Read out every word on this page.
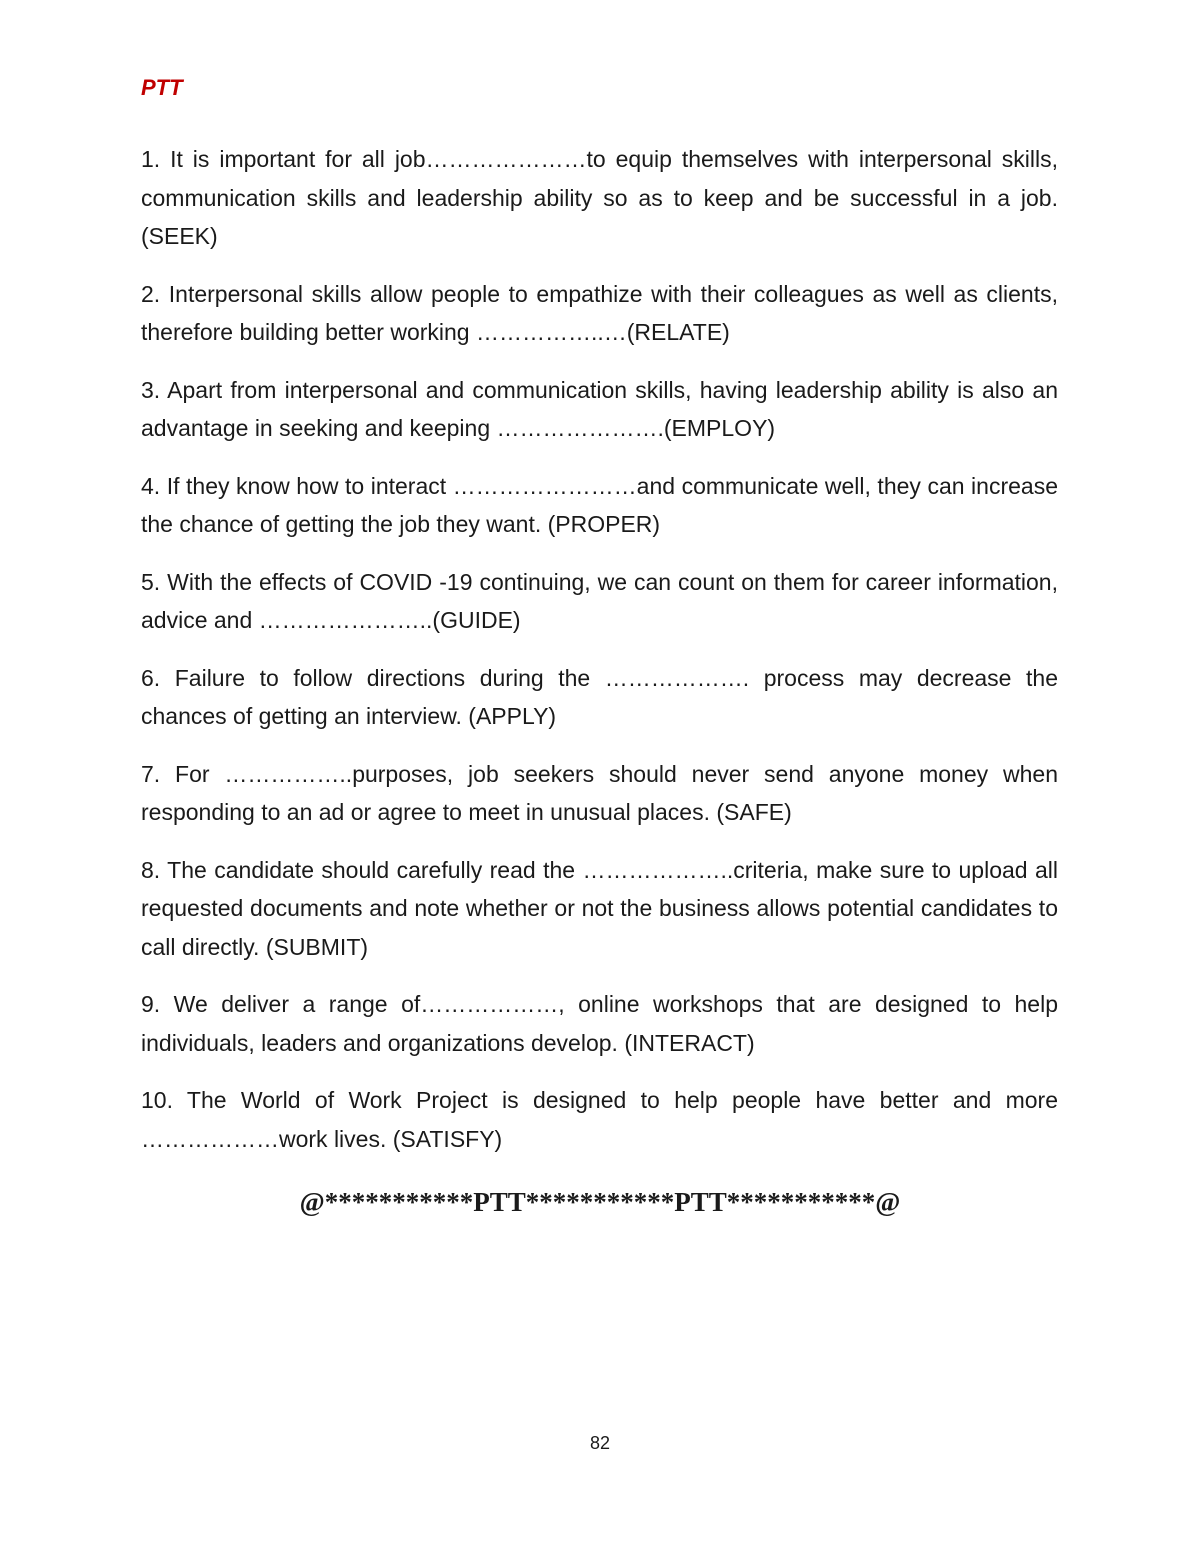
PTT

1. It is important for all job…………………to equip themselves with interpersonal skills, communication skills and leadership ability so as to keep and be successful in a job. (SEEK)

2. Interpersonal skills allow people to empathize with their colleagues as well as clients, therefore building better working ……………..…(RELATE)

3. Apart from interpersonal and communication skills, having leadership ability is also an advantage in seeking and keeping ………………….(EMPLOY)

4. If they know how to interact ……………………and communicate well, they can increase the chance of getting the job they want. (PROPER)

5. With the effects of COVID -19 continuing, we can count on them for career information, advice and …………………..(GUIDE)

6. Failure to follow directions during the ………………. process may decrease the chances of getting an interview. (APPLY)

7. For ……………..purposes, job seekers should never send anyone money when responding to an ad or agree to meet in unusual places. (SAFE)

8. The candidate should carefully read the ………………..criteria, make sure to upload all requested documents and note whether or not the business allows potential candidates to call directly. (SUBMIT)

9. We deliver a range of………………, online workshops that are designed to help individuals, leaders and organizations develop. (INTERACT)

10. The World of Work Project is designed to help people have better and more ………………work lives. (SATISFY)

@***********PTT***********PTT***********@
82
